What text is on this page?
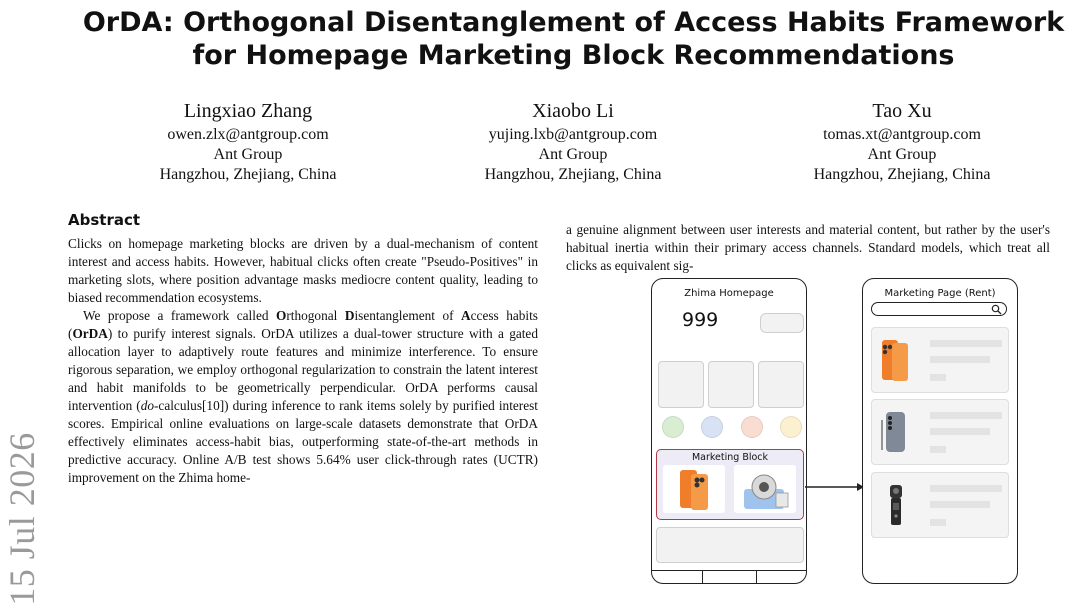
15 Jul 2026
OrDA: Orthogonal Disentanglement of Access Habits Framework
for Homepage Marketing Block Recommendations
Lingxiao Zhang
owen.zlx@antgroup.com
Ant Group
Hangzhou, Zhejiang, China
Xiaobo Li
yujing.lxb@antgroup.com
Ant Group
Hangzhou, Zhejiang, China
Tao Xu
tomas.xt@antgroup.com
Ant Group
Hangzhou, Zhejiang, China
Abstract

Clicks on homepage marketing blocks are driven by a dual-mechanism of content interest and access habits. However, habitual clicks often create "Pseudo-Positives" in marketing slots, where position advantage masks mediocre content quality, leading to biased recommendation ecosystems.

We propose a framework called Orthogonal Disentanglement of Access habits (OrDA) to purify interest signals. OrDA utilizes a dual-tower structure with a gated allocation layer to adaptively route features and minimize interference. To ensure rigorous separation, we employ orthogonal regularization to constrain the latent interest and habit manifolds to be geometrically perpendicular. OrDA performs causal intervention (do-calculus[10]) during inference to rank items solely by purified interest scores. Empirical online evaluations on large-scale datasets demonstrate that OrDA effectively eliminates access-habit bias, outperforming state-of-the-art methods in predictive accuracy. Online A/B test shows 5.64% user click-through rates (UCTR) improvement on the Zhima home-

a genuine alignment between user interests and material content, but rather by the user's habitual inertia within their primary access channels. Standard models, which treat all clicks as equivalent sig-

Zhima Homepage
999
Marketing Block
Marketing Page (Rent)
